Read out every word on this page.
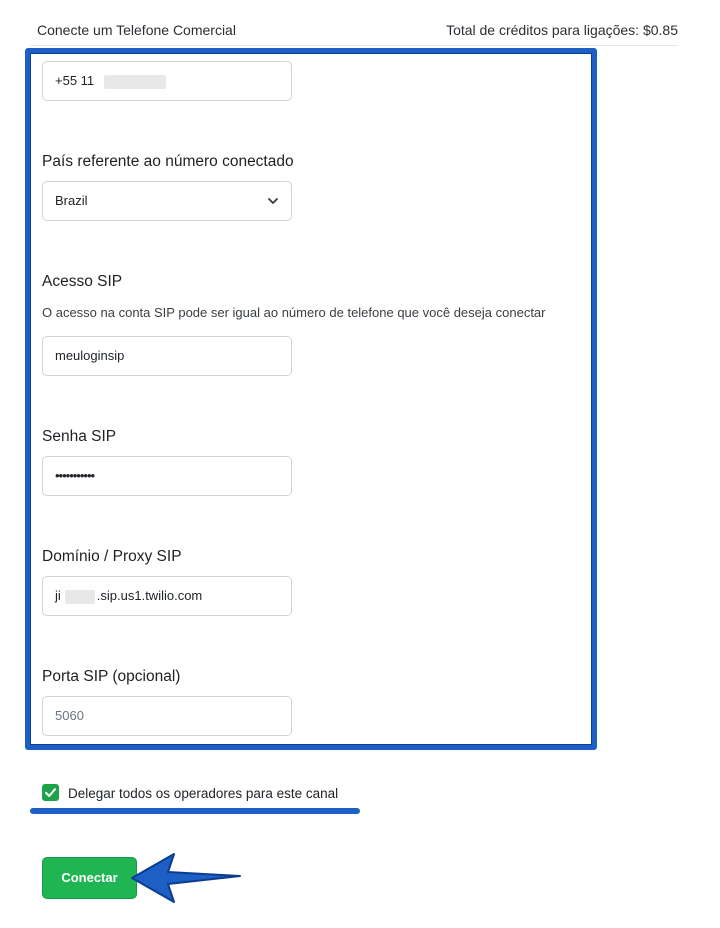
Conecte um Telefone Comercial	Total de créditos para ligações: $0.85
+55 11
País referente ao número conectado
Brazil
Acesso SIP
O acesso na conta SIP pode ser igual ao número de telefone que você deseja conectar
meuloginsip
Senha SIP
•••••••••••
Domínio / Proxy SIP
ji	.sip.us1.twilio.com
Porta SIP (opcional)
5060
Delegar todos os operadores para este canal
Conectar
